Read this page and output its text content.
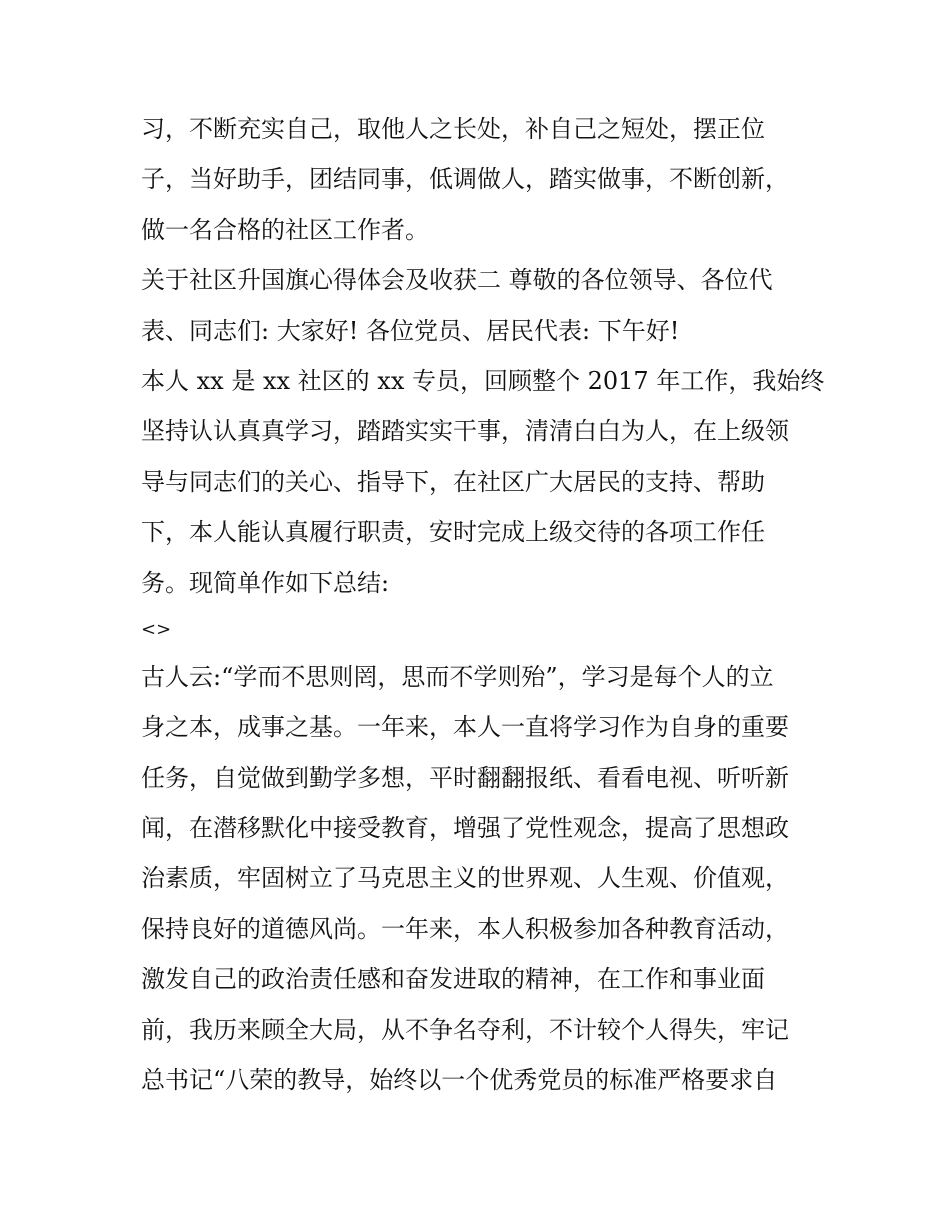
习，不断充实自己，取他人之长处，补自己之短处，摆正位
子，当好助手，团结同事，低调做人，踏实做事，不断创新，
做一名合格的社区工作者。
关于社区升国旗心得体会及收获二 尊敬的各位领导、各位代
表、同志们: 大家好! 各位党员、居民代表: 下午好!
本人 xx 是 xx 社区的 xx 专员，回顾整个 2017 年工作，我始终
坚持认认真真学习，踏踏实实干事，清清白白为人，在上级领
导与同志们的关心、指导下，在社区广大居民的支持、帮助
下，本人能认真履行职责，安时完成上级交待的各项工作任
务。现简单作如下总结:
<>
古人云:“学而不思则罔，思而不学则殆”，学习是每个人的立
身之本，成事之基。一年来，本人一直将学习作为自身的重要
任务，自觉做到勤学多想，平时翻翻报纸、看看电视、听听新
闻，在潜移默化中接受教育，增强了党性观念，提高了思想政
治素质，牢固树立了马克思主义的世界观、人生观、价值观，
保持良好的道德风尚。一年来，本人积极参加各种教育活动，
激发自己的政治责任感和奋发进取的精神，在工作和事业面
前，我历来顾全大局，从不争名夺利，不计较个人得失，牢记
总书记“八荣的教导，始终以一个优秀党员的标准严格要求自
